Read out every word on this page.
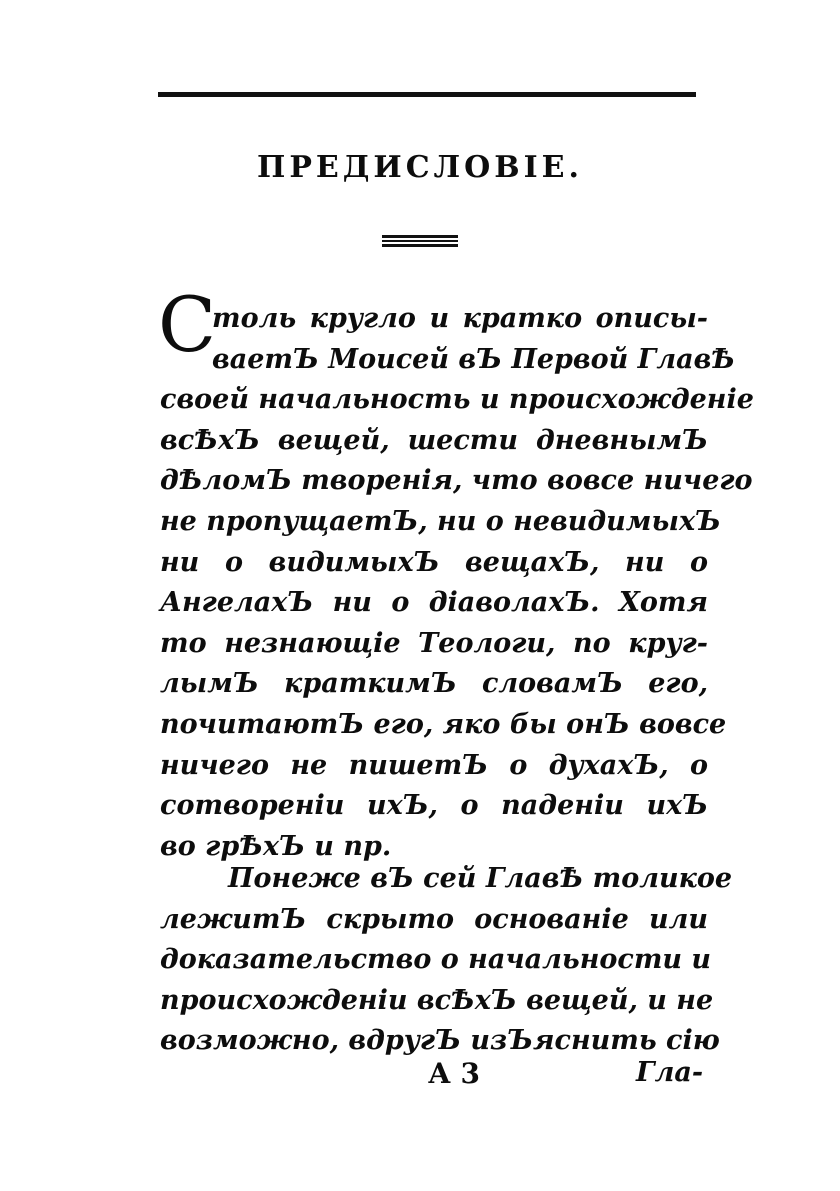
ПРЕДИСЛОВІЕ.
С
толь кругло и кратко описы-
ваетЪ Моисей вЪ Первой ГлавѢ
своей начальность и происхожденіе
всѢхЪ вещей, шести дневнымЪ
дѢломЪ творенія, что вовсе ничего
не пропущаетЪ, ни о невидимыхЪ
ни о видимыхЪ вещахЪ, ни о
АнгелахЪ ни о діаволахЪ. Хотя
то незнающіе Теологи, по круг-
лымЪ краткимЪ словамЪ его,
почитаютЪ его, яко бы онЪ вовсе
ничего не пишетЪ о духахЪ, о
сотвореніи ихЪ, о паденіи ихЪ
во грѢхЪ и пр.
Понеже вЪ сей ГлавѢ толикое
лежитЪ скрыто основаніе или
доказательство о начальности и
происхожденіи всѢхЪ вещей, и не
возможно, вдругЪ изЪяснить сію
А 3	Гла-
